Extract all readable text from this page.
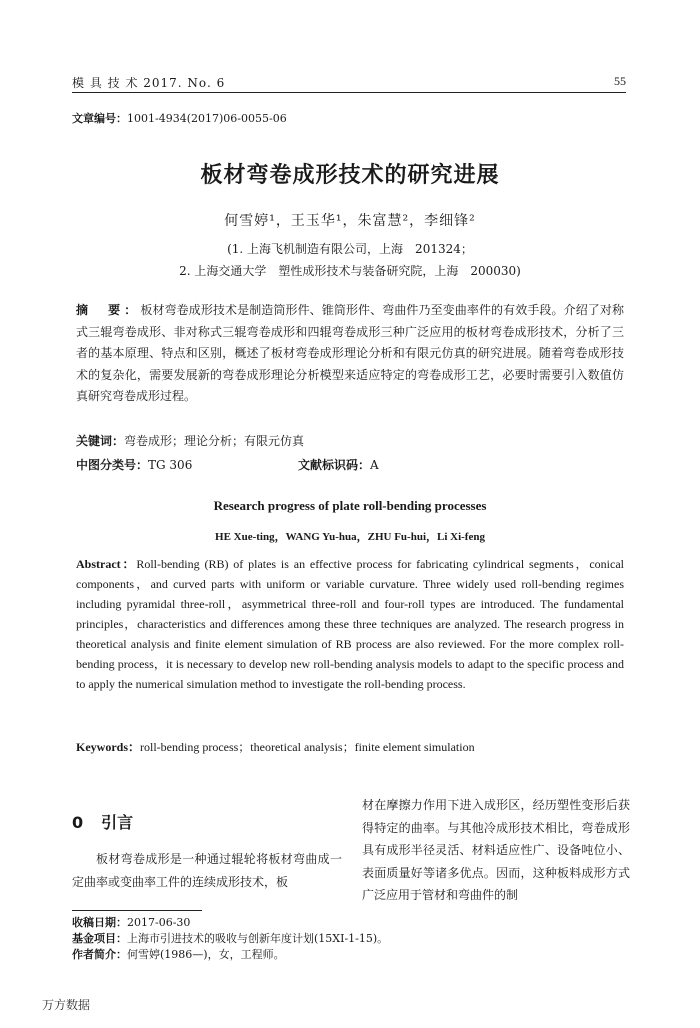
模 具 技 术 2017. No. 6	55
文章编号：1001-4934(2017)06-0055-06
板材弯卷成形技术的研究进展
何雪婷¹，王玉华¹，朱富慧²，李细锋²
(1. 上海飞机制造有限公司，上海　201324；
2. 上海交通大学　塑性成形技术与装备研究院，上海　200030)
摘　要：板材弯卷成形技术是制造筒形件、锥筒形件、弯曲件乃至变曲率件的有效手段。介绍了对称式三辊弯卷成形、非对称式三辊弯卷成形和四辊弯卷成形三种广泛应用的板材弯卷成形技术，分析了三者的基本原理、特点和区别，概述了板材弯卷成形理论分析和有限元仿真的研究进展。随着弯卷成形技术的复杂化，需要发展新的弯卷成形理论分析模型来适应特定的弯卷成形工艺，必要时需要引入数值仿真研究弯卷成形过程。
关键词：弯卷成形；理论分析；有限元仿真
中图分类号：TG 306	文献标识码：A
Research progress of plate roll-bending processes
HE Xue-ting，WANG Yu-hua，ZHU Fu-hui，Li Xi-feng
Abstract：Roll-bending (RB) of plates is an effective process for fabricating cylindrical segments，conical components，and curved parts with uniform or variable curvature. Three widely used roll-bending regimes including pyramidal three-roll，asymmetrical three-roll and four-roll types are introduced. The fundamental principles，characteristics and differences among these three techniques are analyzed. The research progress in theoretical analysis and finite element simulation of RB process are also reviewed. For the more complex roll-bending process，it is necessary to develop new roll-bending analysis models to adapt to the specific process and to apply the numerical simulation method to investigate the roll-bending process.
Keywords：roll-bending process；theoretical analysis；finite element simulation
0 引言
板材弯卷成形是一种通过辊轮将板材弯曲成一定曲率或变曲率工件的连续成形技术，板
材在摩擦力作用下进入成形区，经历塑性变形后获得特定的曲率。与其他冷成形技术相比，弯卷成形具有成形半径灵活、材料适应性广、设备吨位小、表面质量好等诸多优点。因而，这种板料成形方式广泛应用于管材和弯曲件的制
收稿日期：2017-06-30
基金项目：上海市引进技术的吸收与创新年度计划(15XI-1-15)。
作者简介：何雪婷(1986—)，女，工程师。
万方数据
